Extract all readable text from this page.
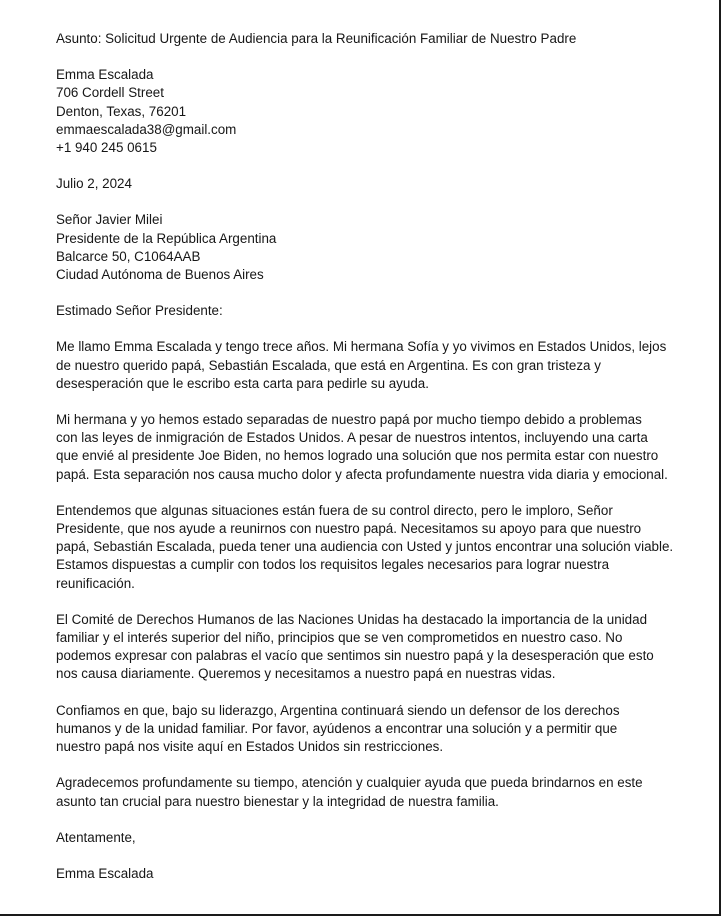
Asunto: Solicitud Urgente de Audiencia para la Reunificación Familiar de Nuestro Padre
Emma Escalada
706 Cordell Street
Denton, Texas, 76201
emmaescalada38@gmail.com
+1 940 245 0615
Julio 2, 2024
Señor Javier Milei
Presidente de la República Argentina
Balcarce 50, C1064AAB
Ciudad Autónoma de Buenos Aires
Estimado Señor Presidente:
Me llamo Emma Escalada y tengo trece años. Mi hermana Sofía y yo vivimos en Estados Unidos, lejos
de nuestro querido papá, Sebastián Escalada, que está en Argentina. Es con gran tristeza y
desesperación que le escribo esta carta para pedirle su ayuda.
Mi hermana y yo hemos estado separadas de nuestro papá por mucho tiempo debido a problemas
con las leyes de inmigración de Estados Unidos. A pesar de nuestros intentos, incluyendo una carta
que envié al presidente Joe Biden, no hemos logrado una solución que nos permita estar con nuestro
papá. Esta separación nos causa mucho dolor y afecta profundamente nuestra vida diaria y emocional.
Entendemos que algunas situaciones están fuera de su control directo, pero le imploro, Señor
Presidente, que nos ayude a reunirnos con nuestro papá. Necesitamos su apoyo para que nuestro
papá, Sebastián Escalada, pueda tener una audiencia con Usted y juntos encontrar una solución viable.
Estamos dispuestas a cumplir con todos los requisitos legales necesarios para lograr nuestra
reunificación.
El Comité de Derechos Humanos de las Naciones Unidas ha destacado la importancia de la unidad
familiar y el interés superior del niño, principios que se ven comprometidos en nuestro caso. No
podemos expresar con palabras el vacío que sentimos sin nuestro papá y la desesperación que esto
nos causa diariamente. Queremos y necesitamos a nuestro papá en nuestras vidas.
Confiamos en que, bajo su liderazgo, Argentina continuará siendo un defensor de los derechos
humanos y de la unidad familiar. Por favor, ayúdenos a encontrar una solución y a permitir que
nuestro papá nos visite aquí en Estados Unidos sin restricciones.
Agradecemos profundamente su tiempo, atención y cualquier ayuda que pueda brindarnos en este
asunto tan crucial para nuestro bienestar y la integridad de nuestra familia.
Atentamente,
Emma Escalada
